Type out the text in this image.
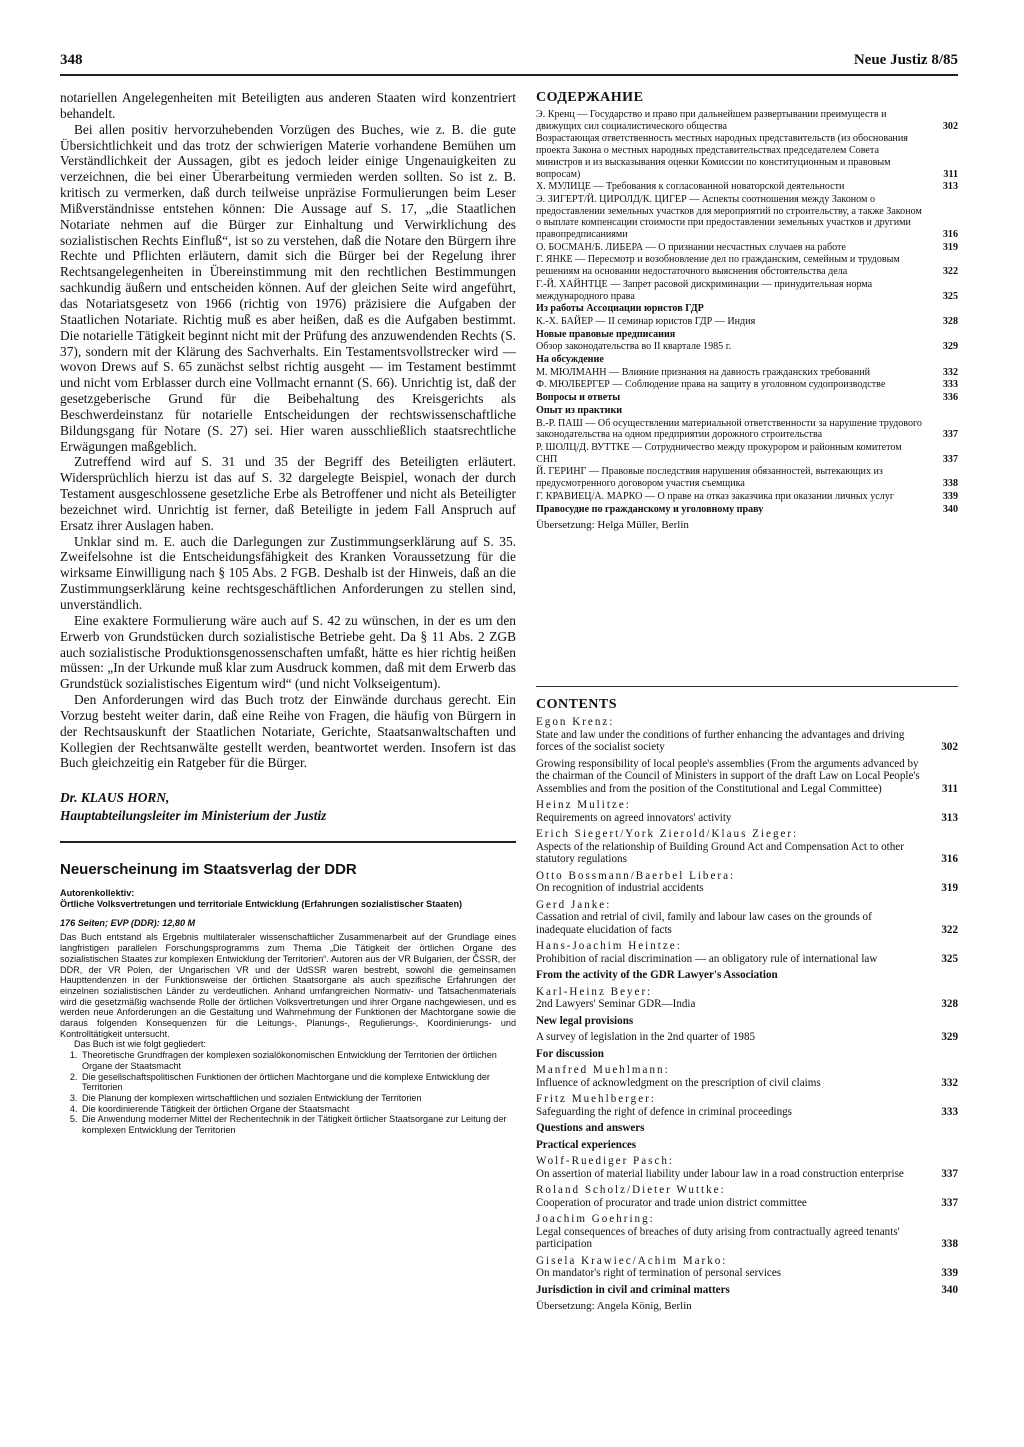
348	Neue Justiz 8/85

notariellen Angelegenheiten mit Beteiligten aus anderen Staaten wird konzentriert behandelt.

Bei allen positiv hervorzuhebenden Vorzügen des Buches, wie z. B. die gute Übersichtlichkeit und das trotz der schwierigen Materie vorhandene Bemühen um Verständlichkeit der Aussagen, gibt es jedoch leider einige Ungenauigkeiten zu verzeichnen, die bei einer Überarbeitung vermieden werden sollten. So ist z. B. kritisch zu vermerken, daß durch teilweise unpräzise Formulierungen beim Leser Mißverständnisse entstehen können: Die Aussage auf S. 17, „die Staatlichen Notariate nehmen auf die Bürger zur Einhaltung und Verwirklichung des sozialistischen Rechts Einfluß“, ist so zu verstehen, daß die Notare den Bürgern ihre Rechte und Pflichten erläutern, damit sich die Bürger bei der Regelung ihrer Rechtsangelegenheiten in Übereinstimmung mit den rechtlichen Bestimmungen sachkundig äußern und entscheiden können. Auf der gleichen Seite wird angeführt, das Notariatsgesetz von 1966 (richtig von 1976) präzisiere die Aufgaben der Staatlichen Notariate. Richtig muß es aber heißen, daß es die Aufgaben bestimmt. Die notarielle Tätigkeit beginnt nicht mit der Prüfung des anzuwendenden Rechts (S. 37), sondern mit der Klärung des Sachverhalts. Ein Testamentsvollstrecker wird — wovon Drews auf S. 65 zunächst selbst richtig ausgeht — im Testament bestimmt und nicht vom Erblasser durch eine Vollmacht ernannt (S. 66). Unrichtig ist, daß der gesetzgeberische Grund für die Beibehaltung des Kreisgerichts als Beschwerdeinstanz für notarielle Entscheidungen der rechtswissenschaftliche Bildungsgang für Notare (S. 27) sei. Hier waren ausschließlich staatsrechtliche Erwägungen maßgeblich.

Zutreffend wird auf S. 31 und 35 der Begriff des Beteiligten erläutert. Widersprüchlich hierzu ist das auf S. 32 dargelegte Beispiel, wonach der durch Testament ausgeschlossene gesetzliche Erbe als Betroffener und nicht als Beteiligter bezeichnet wird. Unrichtig ist ferner, daß Beteiligte in jedem Fall Anspruch auf Ersatz ihrer Auslagen haben.

Unklar sind m. E. auch die Darlegungen zur Zustimmungserklärung auf S. 35. Zweifelsohne ist die Entscheidungsfähigkeit des Kranken Voraussetzung für die wirksame Einwilligung nach § 105 Abs. 2 FGB. Deshalb ist der Hinweis, daß an die Zustimmungserklärung keine rechtsgeschäftlichen Anforderungen zu stellen sind, unverständlich.

Eine exaktere Formulierung wäre auch auf S. 42 zu wünschen, in der es um den Erwerb von Grundstücken durch sozialistische Betriebe geht. Da § 11 Abs. 2 ZGB auch sozialistische Produktionsgenossenschaften umfaßt, hätte es hier richtig heißen müssen: „In der Urkunde muß klar zum Ausdruck kommen, daß mit dem Erwerb das Grundstück sozialistisches Eigentum wird“ (und nicht Volkseigentum).

Den Anforderungen wird das Buch trotz der Einwände durchaus gerecht. Ein Vorzug besteht weiter darin, daß eine Reihe von Fragen, die häufig von Bürgern in der Rechtsauskunft der Staatlichen Notariate, Gerichte, Staatsanwaltschaften und Kollegien der Rechtsanwälte gestellt werden, beantwortet werden. Insofern ist das Buch gleichzeitig ein Ratgeber für die Bürger.

Dr. KLAUS HORN,
Hauptabteilungsleiter im Ministerium der Justiz
Neuerscheinung im Staatsverlag der DDR
Autorenkollektiv:
Örtliche Volksvertretungen und territoriale Entwicklung (Erfahrungen sozialistischer Staaten)
176 Seiten; EVP (DDR): 12,80 M
Das Buch entstand als Ergebnis multilateraler wissenschaftlicher Zusammenarbeit auf der Grundlage eines langfristigen parallelen Forschungsprogramms zum Thema „Die Tätigkeit der örtlichen Organe des sozialistischen Staates zur komplexen Entwicklung der Territorien“. Autoren aus der VR Bulgarien, der ČSSR, der DDR, der VR Polen, der Ungarischen VR und der UdSSR waren bestrebt, sowohl die gemeinsamen Haupttendenzen in der Funktionsweise der örtlichen Staatsorgane als auch spezifische Erfahrungen der einzelnen sozialistischen Länder zu verdeutlichen. Anhand umfangreichen Normativ- und Tatsachenmaterials wird die gesetzmäßig wachsende Rolle der örtlichen Volksvertretungen und ihrer Organe nachgewiesen, und es werden neue Anforderungen an die Gestaltung und Wahrnehmung der Funktionen der Machtorgane sowie die daraus folgenden Konsequenzen für die Leitungs-, Planungs-, Regulierungs-, Koordinierungs- und Kontrolltätigkeit untersucht.
Das Buch ist wie folgt gegliedert:
1. Theoretische Grundfragen der komplexen sozialökonomischen Entwicklung der Territorien der örtlichen Organe der Staatsmacht
2. Die gesellschaftspolitischen Funktionen der örtlichen Machtorgane und die komplexe Entwicklung der Territorien
3. Die Planung der komplexen wirtschaftlichen und sozialen Entwicklung der Territorien
4. Die koordinierende Tätigkeit der örtlichen Organe der Staatsmacht
5. Die Anwendung moderner Mittel der Rechentechnik in der Tätigkeit örtlicher Staatsorgane zur Leitung der komplexen Entwicklung der Territorien
СОДЕРЖАНИЕ
Э. Кренц — Государство и право при дальнейшем развертывании преимуществ и движущих сил социалистического общества	302
Возрастающая ответственность местных народных представительств (из обоснования проекта Закона о местных народных представительствах председателем Совета министров и из высказывания оценки Комиссии по конституционным и правовым вопросам)	311
Х. МУЛИЦЕ — Требования к согласованной новаторской деятельности	313
Э. ЗИГЕРТ/Й. ЦИРОЛД/К. ЦИГЕР — Аспекты соотношения между Законом о предоставлении земельных участков для мероприятий по строительству, а также Законом о выплате компенсации стоимости при предоставлении земельных участков и другими правопредписаниями	316
О. БОСМАН/Б. ЛИБЕРА — О признании несчастных случаев на работе	319
Г. ЯНКЕ — Пересмотр и возобновление дел по гражданским, семейным и трудовым решениям на основании недостаточного выяснения обстоятельства дела	322
Г.-Й. ХАЙНТЦЕ — Запрет расовой дискриминации — принудительная норма международного права	325
Из работы Ассоциации юристов ГДР
К.-Х. БАЙЕР — II семинар юристов ГДР — Индия	328
Новые правовые предписания
Обзор законодательства во II квартале 1985 г.	329
На обсуждение
М. МЮЛМАНН — Влияние признания на давность гражданских требований	332
Ф. МЮЛБЕРГЕР — Соблюдение права на защиту в уголовном судопроизводстве	333
Вопросы и ответы	336
Опыт из практики
В.-Р. ПАШ — Об осуществлении материальной ответственности за нарушение трудового законодательства на одном предприятии дорожного строительства	337
Р. ШОЛЦ/Д. ВУТТКЕ — Сотрудничество между прокурором и районным комитетом СНП	337
Й. ГЕРИНГ — Правовые последствия нарушения обязанностей, вытекающих из предусмотренного договором участия съемщика	338
Г. КРАВИЕЦ/А. МАРКО — О праве на отказ заказчика при оказании личных услуг	339
Правосудие по гражданскому и уголовному праву	340
Übersetzung: Helga Müller, Berlin
CONTENTS
Egon Krenz:
State and law under the conditions of further enhancing the advantages and driving forces of the socialist society	302
Growing responsibility of local people's assemblies (From the arguments advanced by the chairman of the Council of Ministers in support of the draft Law on Local People's Assemblies and from the position of the Constitutional and Legal Committee)	311
Heinz Mulitze:
Requirements on agreed innovators' activity	313
Erich Siegert/York Zierold/Klaus Zieger:
Aspects of the relationship of Building Ground Act and Compensation Act to other statutory regulations	316
Otto Bossmann/Baerbel Libera:
On recognition of industrial accidents	319
Gerd Janke:
Cassation and retrial of civil, family and labour law cases on the grounds of inadequate elucidation of facts	322
Hans-Joachim Heintze:
Prohibition of racial discrimination — an obligatory rule of international law	325
From the activity of the GDR Lawyer's Association
Karl-Heinz Beyer:
2nd Lawyers' Seminar GDR—India	328
New legal provisions
A survey of legislation in the 2nd quarter of 1985	329
For discussion
Manfred Muehlmann:
Influence of acknowledgment on the prescription of civil claims	332
Fritz Muehlberger:
Safeguarding the right of defence in criminal proceedings	333
Questions and answers
Practical experiences
Wolf-Ruediger Pasch:
On assertion of material liability under labour law in a road construction enterprise	337
Roland Scholz/Dieter Wuttke:
Cooperation of procurator and trade union district committee	337
Joachim Goehring:
Legal consequences of breaches of duty arising from contractually agreed tenants' participation	338
Gisela Krawiec/Achim Marko:
On mandator's right of termination of personal services	339
Jurisdiction in civil and criminal matters	340
Übersetzung: Angela König, Berlin
